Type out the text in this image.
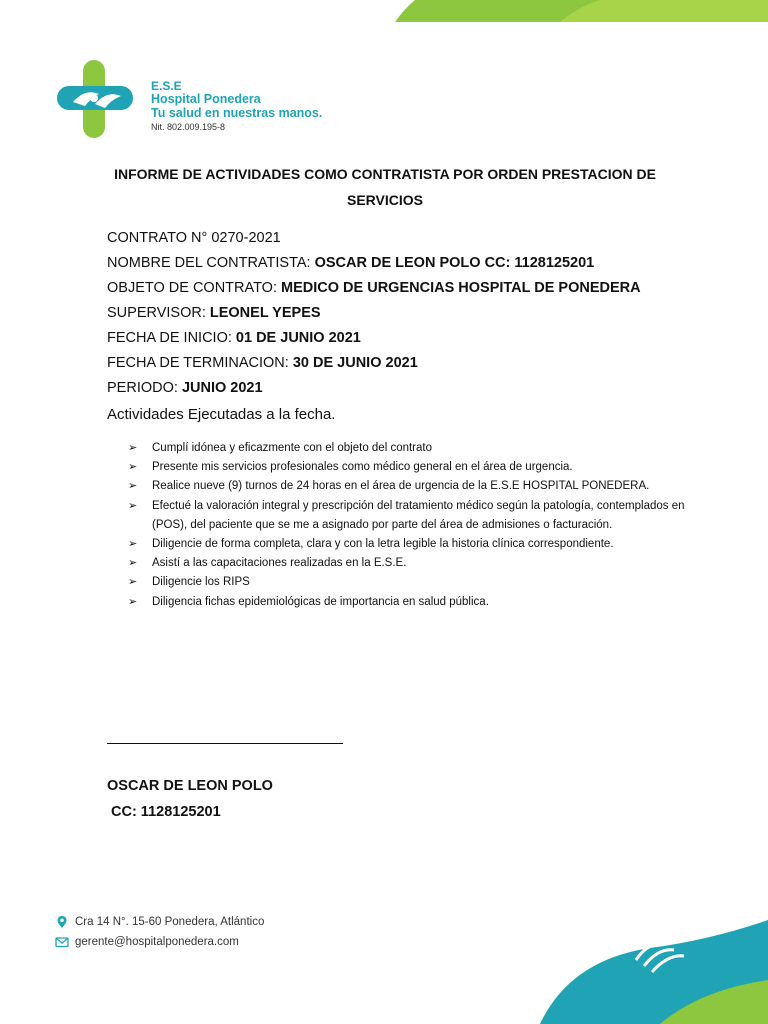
E.S.E
Hospital Ponedera
Tu salud en nuestras manos.
Nit. 802.009.195-8
INFORME DE ACTIVIDADES COMO CONTRATISTA POR ORDEN PRESTACION DE SERVICIOS
CONTRATO N° 0270-2021
NOMBRE DEL CONTRATISTA: OSCAR DE LEON POLO CC: 1128125201
OBJETO DE CONTRATO: MEDICO DE URGENCIAS HOSPITAL DE PONEDERA
SUPERVISOR: LEONEL YEPES
FECHA DE INICIO: 01 DE JUNIO 2021
FECHA DE TERMINACION: 30 DE JUNIO 2021
PERIODO: JUNIO 2021
Actividades Ejecutadas a la fecha.
➢ Cumplí idónea y eficazmente con el objeto del contrato
➢ Presente mis servicios profesionales como médico general en el área de urgencia.
➢ Realice nueve (9) turnos de 24 horas en el área de urgencia de la E.S.E HOSPITAL PONEDERA.
➢ Efectué la valoración integral y prescripción del tratamiento médico según la patología, contemplados en (POS), del paciente que se me a asignado por parte del área de admisiones o facturación.
➢ Diligencie de forma completa, clara y con la letra legible la historia clínica correspondiente.
➢ Asistí a las capacitaciones realizadas en la E.S.E.
➢ Diligencie los RIPS
➢ Diligencia fichas epidemiológicas de importancia en salud pública.
OSCAR DE LEON POLO
CC: 1128125201
Cra 14 N°. 15-60 Ponedera, Atlántico
gerente@hospitalponedera.com
